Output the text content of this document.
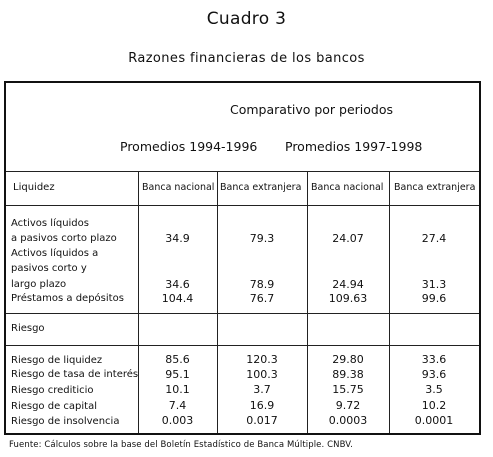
Cuadro 3
Razones financieras de los bancos
Comparativo por periodos
Promedios 1994-1996 Promedios 1997-1998
Liquidez	Banca nacional Banca extranjera Banca nacional Banca extranjera
Activos líquidos
a pasivos corto plazo	34.9	79.3	24.07	27.4
Activos líquidos a
pasivos corto y
largo plazo	34.6	78.9	24.94	31.3
Préstamos a depósitos	104.4	76.7	109.63	99.6
Riesgo
Riesgo de liquidez	85.6	120.3	29.80	33.6
Riesgo de tasa de interés	95.1	100.3	89.38	93.6
Riesgo crediticio	10.1	3.7	15.75	3.5
Riesgo de capital	7.4	16.9	9.72	10.2
Riesgo de insolvencia	0.003	0.017	0.0003	0.0001
Fuente: Cálculos sobre la base del Boletín Estadístico de Banca Múltiple. CNBV.
